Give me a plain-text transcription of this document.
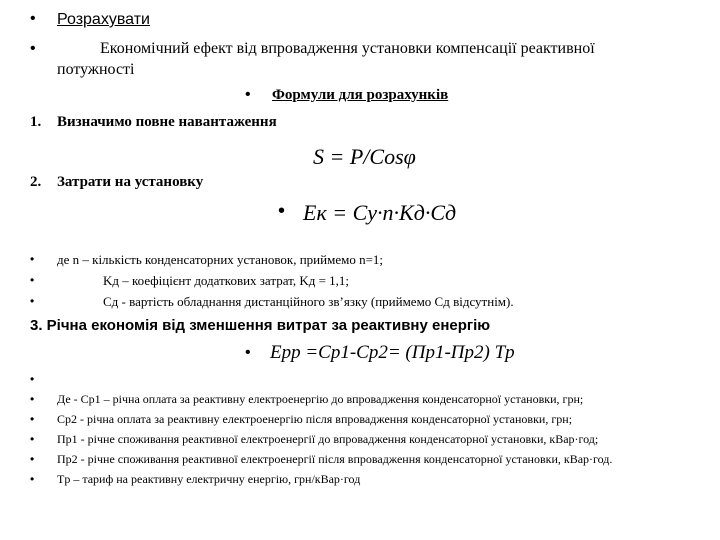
• Розрахувати
•	Економічний ефект від впровадження установки компенсації реактивної
потужності
• Формули для розрахунків
1. Визначимо повне навантаження
S = P/Cosφ
2. Затрати на установку
• Eк = Cу·n·Kд·Cд
• де n – кількість конденсаторних установок, приймемо n=1;
•	Kд – коефіцієнт додаткових затрат, Kд = 1,1;
•	Cд - вартість обладнання дистанційного зв’язку (приймемо Cд відсутнім).
3. Річна економія від зменшення витрат за реактивну енергію
• Eрр =Cр1-Cр2= (Пр1-Пр2) Tр
•
• Де - Cр1 – річна оплата за реактивну електроенергію до впровадження конденсаторної установки, грн;
• Cр2 - річна оплата за реактивну електроенергію після впровадження конденсаторної установки, грн;
• Пр1 - річне споживання реактивної електроенергії до впровадження конденсаторної установки, кВар·год;
• Пр2 - річне споживання реактивної електроенергії після впровадження конденсаторної установки, кВар·год.
• Tр – тариф на реактивну електричну енергію, грн/кВар·год
